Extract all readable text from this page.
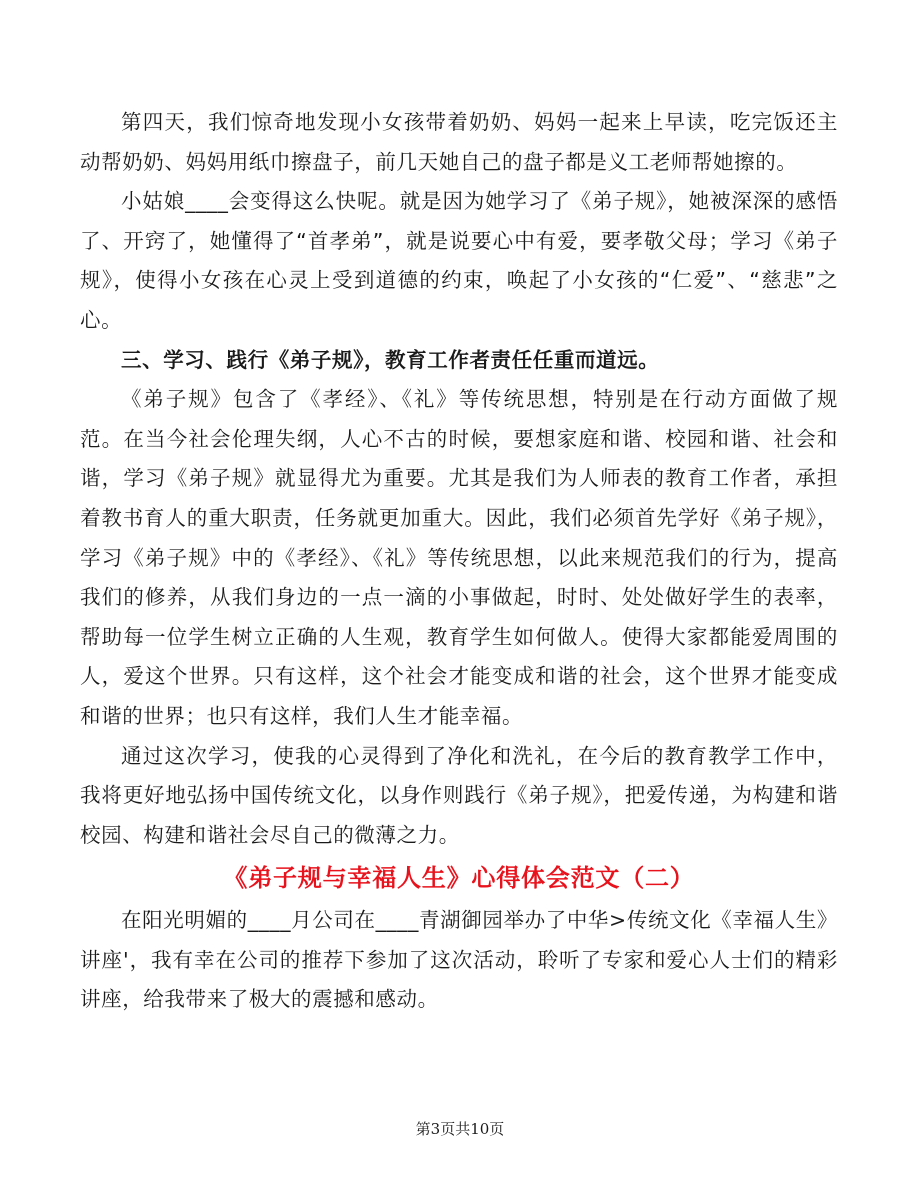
第四天，我们惊奇地发现小女孩带着奶奶、妈妈一起来上早读，吃完饭还主动帮奶奶、妈妈用纸巾擦盘子，前几天她自己的盘子都是义工老师帮她擦的。

小姑娘____会变得这么快呢。就是因为她学习了《弟子规》，她被深深的感悟了、开窍了，她懂得了“首孝弟”，就是说要心中有爱，要孝敬父母；学习《弟子规》，使得小女孩在心灵上受到道德的约束，唤起了小女孩的“仁爱”、“慈悲”之心。

三、学习、践行《弟子规》，教育工作者责任任重而道远。

《弟子规》包含了《孝经》、《礼》等传统思想，特别是在行动方面做了规范。在当今社会伦理失纲，人心不古的时候，要想家庭和谐、校园和谐、社会和谐，学习《弟子规》就显得尤为重要。尤其是我们为人师表的教育工作者，承担着教书育人的重大职责，任务就更加重大。因此，我们必须首先学好《弟子规》，学习《弟子规》中的《孝经》、《礼》等传统思想，以此来规范我们的行为，提高我们的修养，从我们身边的一点一滴的小事做起，时时、处处做好学生的表率，帮助每一位学生树立正确的人生观，教育学生如何做人。使得大家都能爱周围的人，爱这个世界。只有这样，这个社会才能变成和谐的社会，这个世界才能变成和谐的世界；也只有这样，我们人生才能幸福。

通过这次学习，使我的心灵得到了净化和洗礼，在今后的教育教学工作中，我将更好地弘扬中国传统文化，以身作则践行《弟子规》，把爱传递，为构建和谐校园、构建和谐社会尽自己的微薄之力。

《弟子规与幸福人生》心得体会范文（二）

在阳光明媚的____月公司在____青湖御园举办了中华>传统文化《幸福人生》讲座'，我有幸在公司的推荐下参加了这次活动，聆听了专家和爱心人士们的精彩讲座，给我带来了极大的震撼和感动。

第3页共10页
